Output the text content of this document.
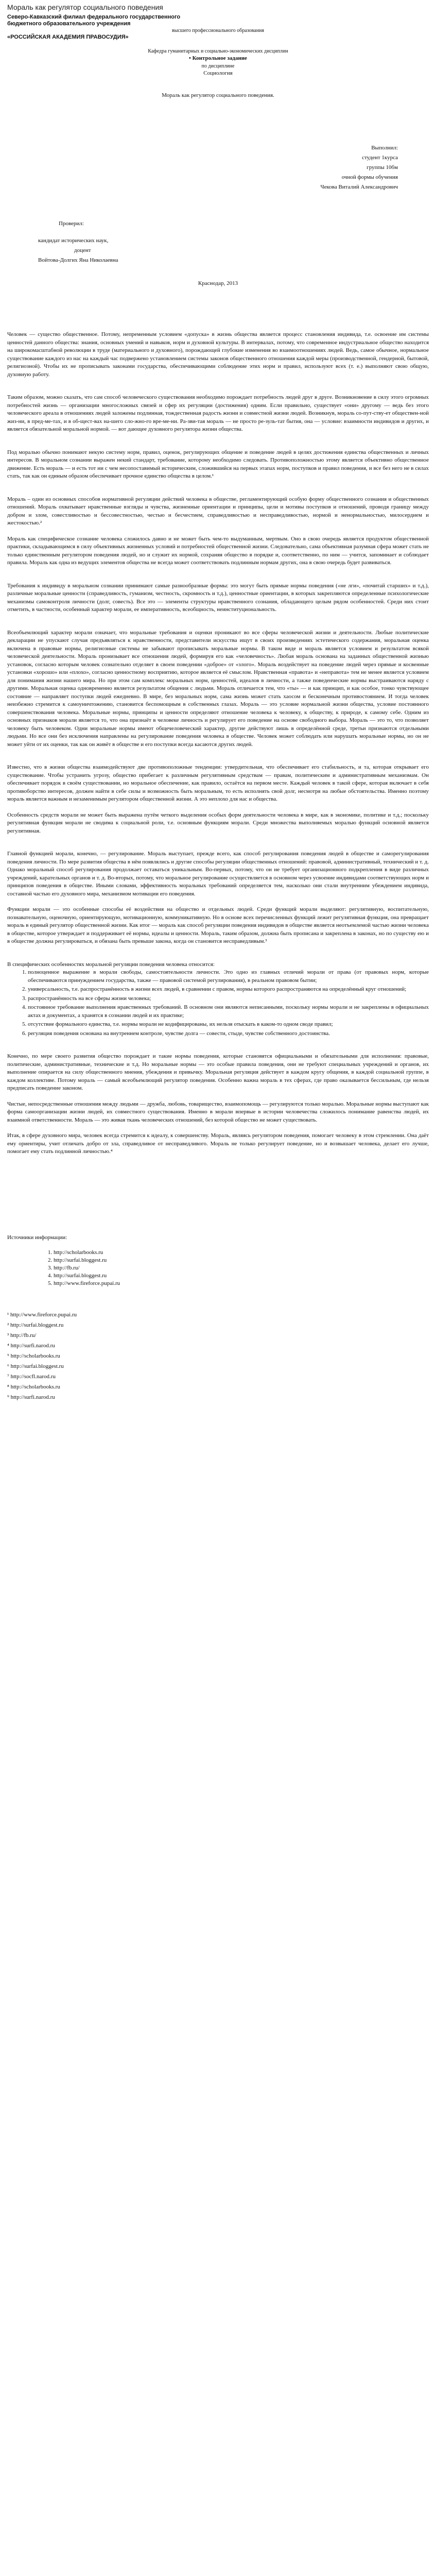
Мораль как регулятор социального поведения
Северо-Кавказский филиал федерального государственного
бюджетного образовательного учреждения
высшего профессионального образования
«РОССИЙСКАЯ АКАДЕМИЯ ПРАВОСУДИЯ»
Кафедра гуманитарных и социально-экономических дисциплин
• Контрольное задание
по дисциплине
Социология
Мораль как регулятор социального поведения.
Выполнил:
студент 1курса
группы 10бм
очной формы обучения
Чекова Виталий Александрович
Проверил:
кандидат исторических наук,
доцент
Войтова-Долгих Яна Николаевна
Краснодар, 2013

Человек — существо общественное. Потому, непременным условием «допуска» в жизнь общества является процесс становления индивида, т.е. освоение им системы ценностей данного общества: знания, основных умений и навыков, норм и духовной культуры. В интервалах, потому, что современное индустриальное общество находится на широкомасштабной революции в труде (материального и духовного), порождающей глубокие изменения во взаимоотношениях людей. Ведь, самое обычное, нормальное существование каждого из нас на каждый час подвержено установлением системы законов общественного отношения каждой меры (производственной, гендерной, бытовой, религиозной). Чтобы их не прописывать законами государства, обеспечивающими соблюдение этих норм и правил, используют всех (т. е.) выполняют свою общую, духовную работу.

Таким образом, можно сказать, что сам способ человеческого существования необходимо порождает потребность людей друг в друге. Возникновение в силу этого огромных потребностей жизнь — организации многосложных связей и сфер их регуляции (достижения) одним. Если правильно, существует «они» другому — ведь без этого человеческого ареала в отношениях людей заложены подлинная, тождественная радость жизни и совместной жизни людей. Возникнув, мораль со-пут-ству-ет обществен-ной жиз-ни, в пред-ме-тах, и в об-щест-вах на-шего сло-жно-го вре-ме-ни. Ра-зви-тая мораль — не просто ре-зуль-тат бытия, она — условие: взаимности индивидов и других, и является обязательной моральной нормой. — вот дающее духовного регулятора жизни общества.

Под моралью обычно понимают некую систему норм, правил, оценок, регулирующих общение и поведение людей в целях достижения единства общественных и личных интересов. В моральном сознании выражен некий стандарт, требование, которому необходимо следовать. Противоположностью этому является объективно общественное движение. Есть мораль — и есть тот ни с чем несопоставимый историческим, сложившийся на первых этапах норм, поступков и правил поведения, и все без него не в силах стать, так как он единым образом обеспечивает прочное единство общества в целом.¹

Мораль – один из основных способов нормативной регуляции действий человека в обществе, регламентирующий особую форму общественного сознания и общественных отношений. Мораль охватывает нравственные взгляды и чувства, жизненные ориентации и принципы, цели и мотивы поступков и отношений, проводя границу между добром и злом, совестливостью и бессовестностью, честью и бесчестием, справедливостью и несправедливостью, нормой и ненормальностью, милосердием и жестокостью.²

Мораль как специфическое сознание человека сложилось давно и не может быть чем-то выдуманным, мертвым. Оно в свою очередь является продуктом общественной практики, складывающимся в силу объективных жизненных условий и потребностей общественной жизни. Следовательно, сама объективная разумная сфера может стать не только единственным регулятором поведения людей, но и служит их нормой, сохраняя общество в порядке и, соответственно, по ним — учится, запоминает и соблюдает правила. Мораль как одна из ведущих элементов общества не всегда может соответствовать подлинным нормам других, она в свою очередь будет развиваться.

Требования к индивиду в моральном сознании принимают самые разнообразные формы: это могут быть прямые нормы поведения («не лги», «почитай старших» и т.д.), различные моральные ценности (справедливость, гуманизм, честность, скромность и т.д.), ценностные ориентации, в которых закрепляются определенные психологические механизмы самоконтроля личности (долг, совесть). Все это — элементы структуры нравственного сознания, обладающего целым рядом особенностей. Среди них стоит отметить, в частности, особенный характер морали, ее императивность, всеобщность, неинституциональность.

Всеобъемлющий характер морали означает, что моральные требования и оценки проникают во все сферы человеческой жизни и деятельности. Любые политические декларации не упускают случая предъявляться к нравственности, представители искусства ищут в своих произведениях эстетического содержания, моральная оценка включена в правовые нормы, религиозные системы не забывают прописывать моральные нормы. В таком виде и мораль является условием и результатом всякой человеческой деятельности. Мораль пронизывает все отношения людей, формируя его как «человечность». Любая мораль основана на заданных общественной жизнью установок, согласно которым человек сознательно отделяет в своем поведении «доброе» от «злого». Мораль воздействует на поведение людей через прямые и косвенные установки «хорошо» или «плохо», согласно ценностному восприятию, которое является её смыслом. Нравственная «правота» и «неправота» тем не менее является условием для понимания жизни нашего мира. Но при этом сам комплекс моральных норм, ценностей, идеалов в личности, а также поведенческие нормы выстраиваются наряду с другими. Моральная оценка одновременно является результатом общения с людьми. Мораль отличается тем, что «ты» — и как принцип, и как особое, тонко чувствующее состояние — направляет поступки людей ежедневно. В мире, без моральных норм, сама жизнь может стать хаосом и бесконечным противостоянием. И тогда человек неизбежно стремится к самоуничтожению, становится беспомощным в собственных глазах. Мораль — это условие нормальной жизни общества, условие постоянного совершенствования человека. Моральные нормы, принципы и ценности определяют отношение человека к человеку, к обществу, к природе, к самому себе. Одним из основных признаков морали является то, что она признаёт в человеке личность и регулирует его поведение на основе свободного выбора. Мораль — это то, что позволяет человеку быть человеком. Одни моральные нормы имеют общечеловеческий характер, другие действуют лишь в определённой среде, третьи признаются отдельными людьми. Но все они без исключения направлены на регулирование поведения человека в обществе. Человек может соблюдать или нарушать моральные нормы, но он не может уйти от их оценки, так как он живёт в обществе и его поступки всегда касаются других людей.

Известно, что в жизни общества взаимодействуют две противоположные тенденции: утвердительная, что обеспечивает его стабильность, и та, которая открывает его существование. Чтобы устранить угрозу, общество прибегает к различным регулятивным средствам — правам, политическим и административным механизмам. Он обеспечивает порядок в своём существовании, но моральное обеспечение, как правило, остаётся на первом месте. Каждый человек в такой сфере, которая включает в себя противоборство интересов, должен найти в себе силы и возможность быть моральным, то есть исполнять свой долг, несмотря на любые обстоятельства. Именно поэтому мораль является важным и незаменимым регулятором общественной жизни. А это неплохо для нас и общества.

Особенность средств морали не может быть выражена путём четкого выделения особых форм деятельности человека в мире, как в экономике, политике и т.д.; поскольку регулятивная функция морали не сводима к социальной роли, т.е. основным функциям морали. Среди множества выполняемых моралью функций основной является регулятивная.

Главной функцией морали, конечно, — регулирование. Мораль выступает, прежде всего, как способ регулирования поведения людей в обществе и саморегулирования поведения личности. По мере развития общества в нём появлялись и другие способы регуляции общественных отношений: правовой, административный, технический и т. д. Однако моральный способ регулирования продолжает оставаться уникальным. Во-первых, потому, что он не требует организационного подкрепления в виде различных учреждений, карательных органов и т. д. Во-вторых, потому, что моральное регулирование осуществляется в основном через усвоение индивидами соответствующих норм и принципов поведения в обществе. Иными словами, эффективность моральных требований определяется тем, насколько они стали внутренним убеждением индивида, составной частью его духовного мира, механизмом мотивации его поведения.

Функции морали — это особенные способы её воздействия на общество и отдельных людей. Среди функций морали выделяют: регулятивную, воспитательную, познавательную, оценочную, ориентирующую, мотивационную, коммуникативную. Но в основе всех перечисленных функций лежит регулятивная функция, она превращает мораль в единый регулятор общественной жизни. Как итог — мораль как способ регуляции поведения индивидов в обществе является неотъемлемой частью жизни человека в обществе, которое утверждает и поддерживает её нормы, идеалы и ценности. Мораль, таким образом, должна быть прописана и закреплена в законах, но по существу ею и в обществе должна регулироваться, и обязана быть превыше закона, когда он становится несправедливым.³

В специфических особенностях моральной регуляции поведения человека относится:

1. полноценное выражение в морали свободы, самостоятельности личности. Это одно из главных отличий морали от права (от правовых норм, которые обеспечиваются принуждением государства, также — правовой системой регулирования), в реальном правовом бытии;
2. универсальность, т.е. распространённость в жизни всех людей, в сравнении с правом, нормы которого распространяются на определённый круг отношений;
3. распространённость на все сферы жизни человека;
4. постоянное требование выполнения нравственных требований. В основном они являются неписанными, поскольку нормы морали и не закреплены в официальных актах и документах, а хранятся в сознании людей и их практике;
5. отсутствие формального единства, т.е. нормы морали не кодифицированы, их нельзя отыскать в каком-то одном своде правил;
6. регуляция поведения основана на внутреннем контроле, чувстве долга — совести, стыде, чувстве собственного достоинства.

Конечно, по мере своего развития общество порождает и такие нормы поведения, которые становятся официальными и обязательными для исполнения: правовые, политические, административные, технические и т.д. Но моральные нормы — это особые правила поведения, они не требуют специальных учреждений и органов, их выполнение опирается на силу общественного мнения, убеждения и привычку. Моральная регуляция действует в каждом кругу общения, в каждой социальной группе, в каждом коллективе. Потому мораль — самый всеобъемлющий регулятор поведения. Особенно важна мораль в тех сферах, где право оказывается бессильным, где нельзя предписать поведение законом.

Чистые, непосредственные отношения между людьми — дружба, любовь, товарищество, взаимопомощь — регулируются только моралью. Моральные нормы выступают как форма самоорганизации жизни людей, их совместного существования. Именно в морали впервые в истории человечества сложилось понимание равенства людей, их взаимной ответственности. Мораль — это живая ткань человеческих отношений, без которой общество не может существовать.

Итак, в сфере духовного мира, человек всегда стремится к идеалу, к совершенству. Мораль, являясь регулятором поведения, помогает человеку в этом стремлении. Она даёт ему ориентиры, учит отличать добро от зла, справедливое от несправедливого. Мораль не только регулирует поведение, но и возвышает человека, делает его лучше, помогает ему стать подлинной личностью.⁴

Источники информации:
1. http://scholarbooks.ru
2. http://surfai.bloggest.ru
3. http://fb.ru/
4. http://surfai.bloggest.ru
5. http://www.fireforce.pupai.ru
¹ http://www.fireforce.pupai.ru
² http://surfai.bloggest.ru
³ http://fb.ru/
⁴ http://surfi.narod.ru
⁵ http://scholarbooks.ru
⁶ http://surfai.bloggest.ru
⁷ http://socfl.narod.ru
⁸ http://scholarbooks.ru
⁹ http://surfi.narod.ru
